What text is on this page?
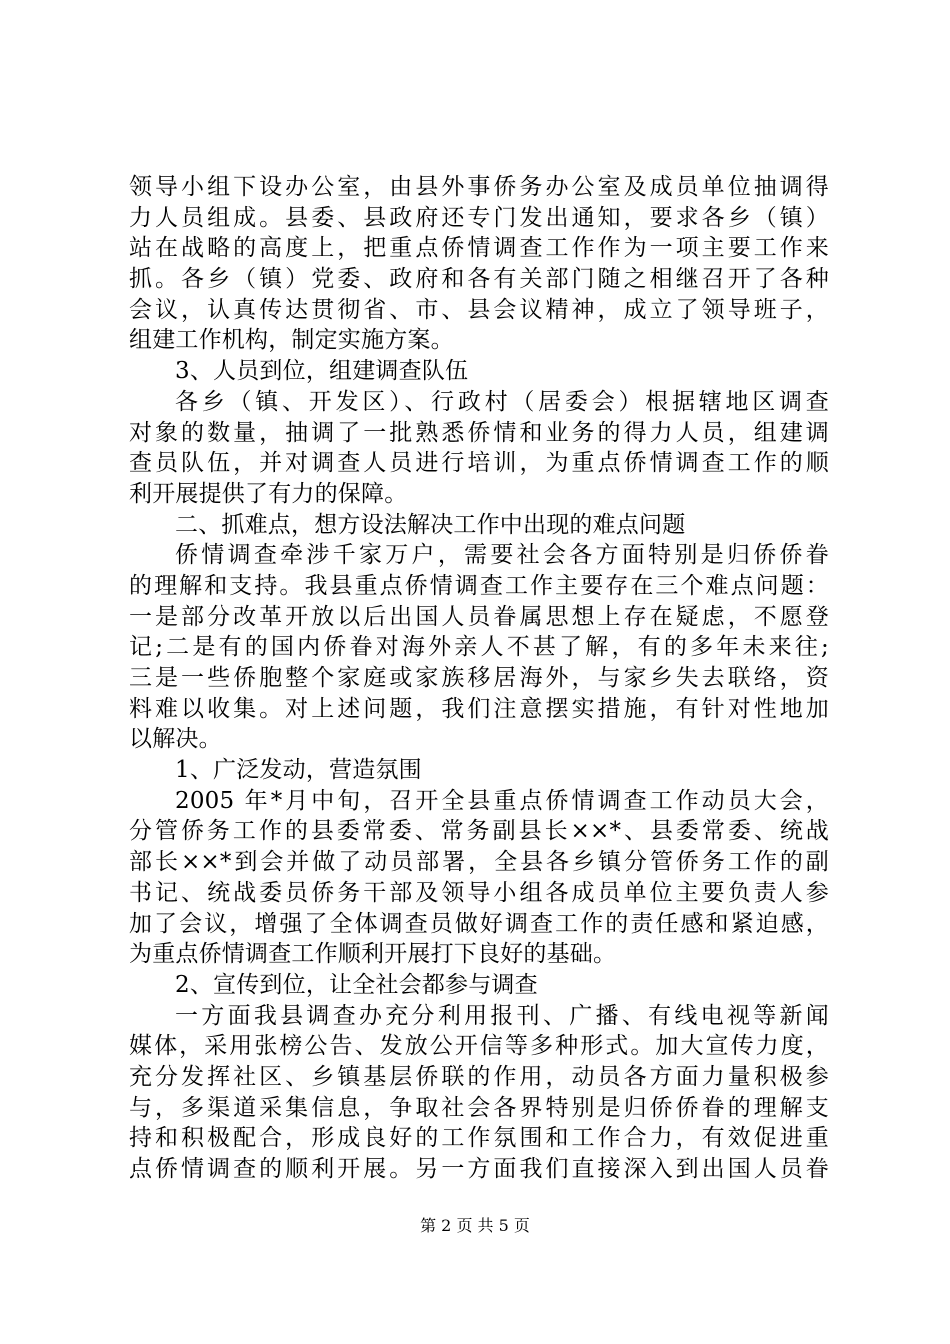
领导小组下设办公室，由县外事侨务办公室及成员单位抽调得
力人员组成。县委、县政府还专门发出通知，要求各乡（镇）
站在战略的高度上，把重点侨情调查工作作为一项主要工作来
抓。各乡（镇）党委、政府和各有关部门随之相继召开了各种
会议，认真传达贯彻省、市、县会议精神，成立了领导班子，
组建工作机构，制定实施方案。
3、人员到位，组建调查队伍
各乡（镇、开发区）、行政村（居委会）根据辖地区调查
对象的数量，抽调了一批熟悉侨情和业务的得力人员，组建调
查员队伍，并对调查人员进行培训，为重点侨情调查工作的顺
利开展提供了有力的保障。
二、抓难点，想方设法解决工作中出现的难点问题
侨情调查牵涉千家万户，需要社会各方面特别是归侨侨眷
的理解和支持。我县重点侨情调查工作主要存在三个难点问题：
一是部分改革开放以后出国人员眷属思想上存在疑虑，不愿登
记;二是有的国内侨眷对海外亲人不甚了解，有的多年未来往;
三是一些侨胞整个家庭或家族移居海外，与家乡失去联络，资
料难以收集。对上述问题，我们注意摆实措施，有针对性地加
以解决。
1、广泛发动，营造氛围
2005 年*月中旬，召开全县重点侨情调查工作动员大会，
分管侨务工作的县委常委、常务副县长××*、县委常委、统战
部长××*到会并做了动员部署，全县各乡镇分管侨务工作的副
书记、统战委员侨务干部及领导小组各成员单位主要负责人参
加了会议，增强了全体调查员做好调查工作的责任感和紧迫感，
为重点侨情调查工作顺利开展打下良好的基础。
2、宣传到位，让全社会都参与调查
一方面我县调查办充分利用报刊、广播、有线电视等新闻
媒体，采用张榜公告、发放公开信等多种形式。加大宣传力度，
充分发挥社区、乡镇基层侨联的作用，动员各方面力量积极参
与，多渠道采集信息，争取社会各界特别是归侨侨眷的理解支
持和积极配合，形成良好的工作氛围和工作合力，有效促进重
点侨情调查的顺利开展。另一方面我们直接深入到出国人员眷
第 2 页 共 5 页
